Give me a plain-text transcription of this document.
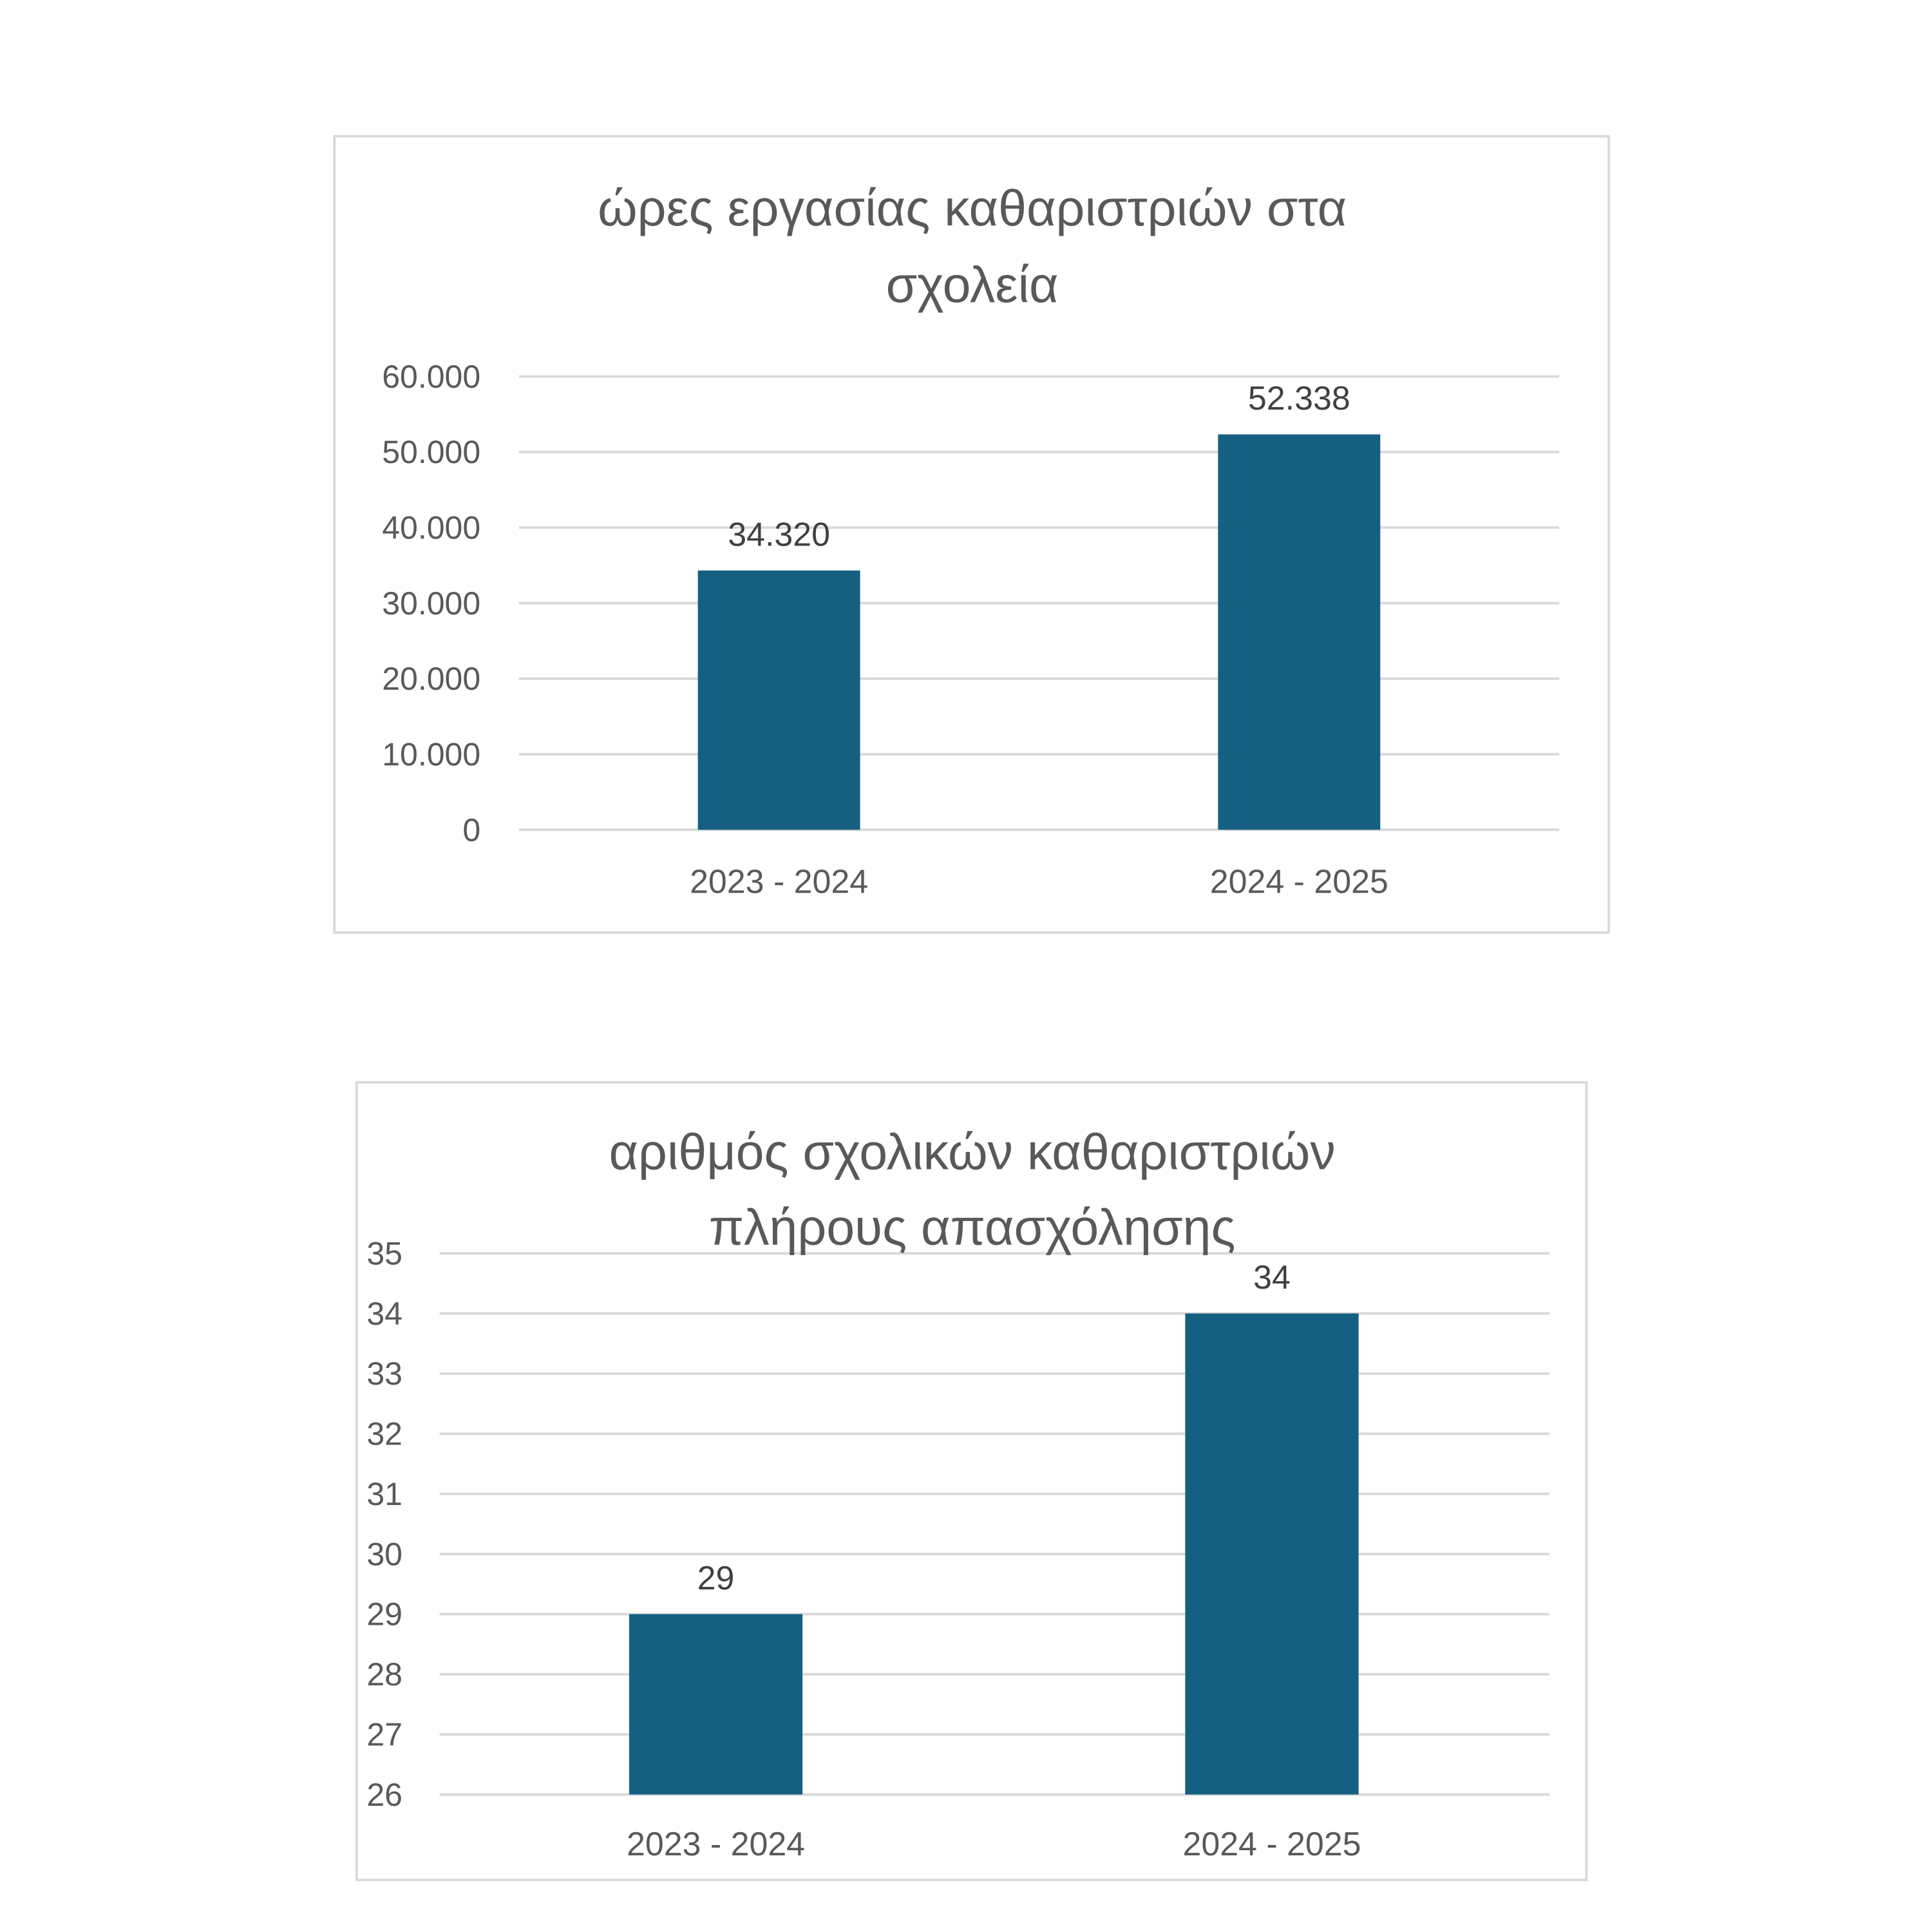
0
10.000
20.000
30.000
40.000
50.000
60.000
34.320
2023 - 2024
52.338
2024 - 2025
ώρες εργασίας καθαριστριών στα
σχολεία
26
27
28
29
30
31
32
33
34
35
29
2023 - 2024
34
2024 - 2025
αριθμός σχολικών καθαριστριών
πλήρους απασχόλησης
